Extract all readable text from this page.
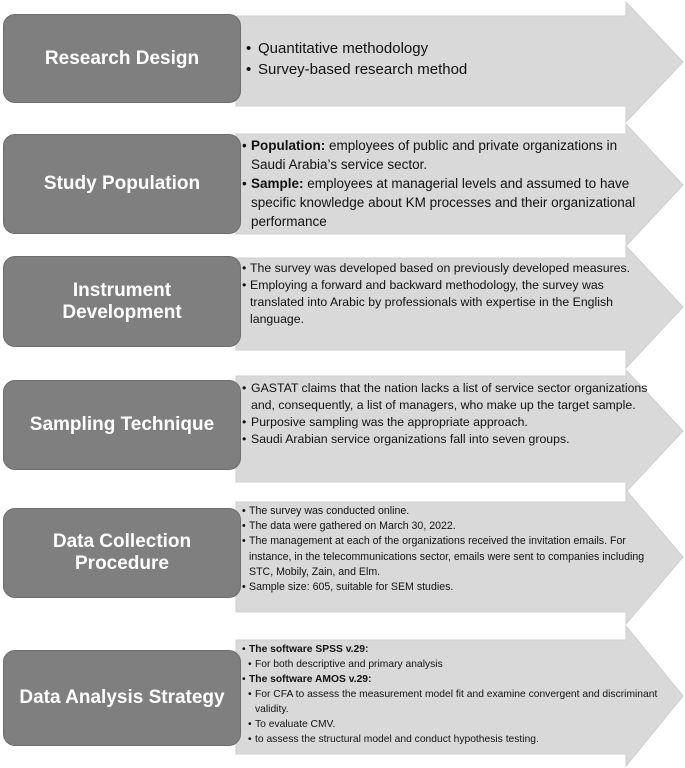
Research Design
•	Quantitative methodology
• Survey-based research method
Study Population
• Population: employees of public and private organizations in Saudi Arabia’s service sector.
• Sample: employees at managerial levels and assumed to have specific knowledge about KM processes and their organizational performance
Instrument Development
• The survey was developed based on previously developed measures.
• Employing a forward and backward methodology, the survey was translated into Arabic by professionals with expertise in the English language.
Sampling Technique
• GASTAT claims that the nation lacks a list of service sector organizations and, consequently, a list of managers, who make up the target sample.
• Purposive sampling was the appropriate approach.
• Saudi Arabian service organizations fall into seven groups.
Data Collection Procedure
• The survey was conducted online.
• The data were gathered on March 30, 2022.
• The management at each of the organizations received the invitation emails. For instance, in the telecommunications sector, emails were sent to companies including STC, Mobily, Zain, and Elm.
• Sample size: 605, suitable for SEM studies.
Data Analysis Strategy
• The software SPSS v.29:
• For both descriptive and primary analysis
• The software AMOS v.29:
• For CFA to assess the measurement model fit and examine convergent and discriminant validity.
• To evaluate CMV.
• to assess the structural model and conduct hypothesis testing.
